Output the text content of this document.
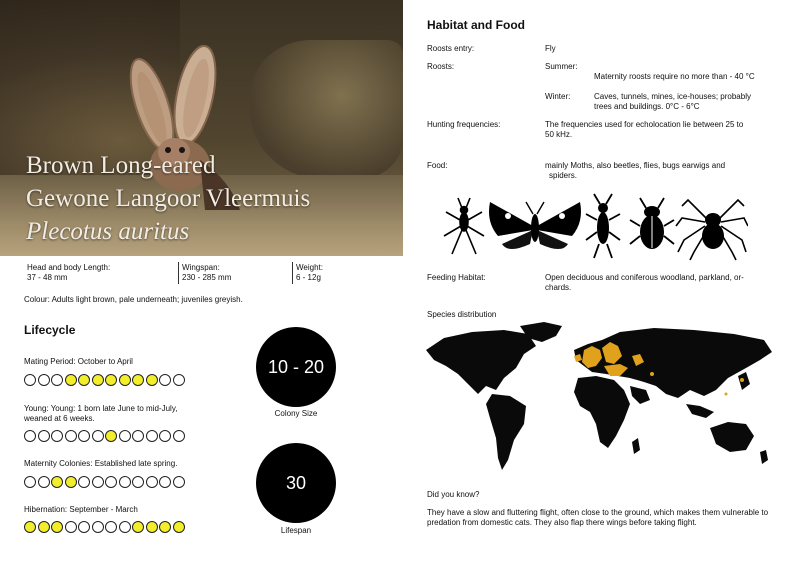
Brown Long-eared
Gewone Langoor Vleermuis
Plecotus auritus
Head and body Length:
37 - 48 mm
Wingspan:
230 - 285 mm
Weight:
6 - 12g
Colour: Adults light brown, pale underneath; juveniles greyish.
Lifecycle
Mating Period: October to April
Young: Young: 1 born late June to mid-July,
weaned at 6 weeks.
Maternity Colonies: Established late spring.
Hibernation: September - March
10 - 20
Colony Size
30
Lifespan
Habitat and Food
Roosts entry:	Fly
Roosts:	Summer:
Maternity roosts require no more than - 40 °C
Winter:	Caves, tunnels, mines, ice-houses; probably
trees and buildings. 0°C - 6°C
Hunting frequencies:	The frequencies used for echolocation lie between 25 to
50 kHz.
Food:	mainly Moths, also beetles, flies, bugs earwigs and
spiders.
Feeding Habitat:	Open deciduous and coniferous woodland, parkland, or-
chards.
Species distribution
Did you know?
They have a slow and fluttering flight, often close to the ground, which makes them vulnerable to
predation from domestic cats. They also flap there wings before taking flight.
